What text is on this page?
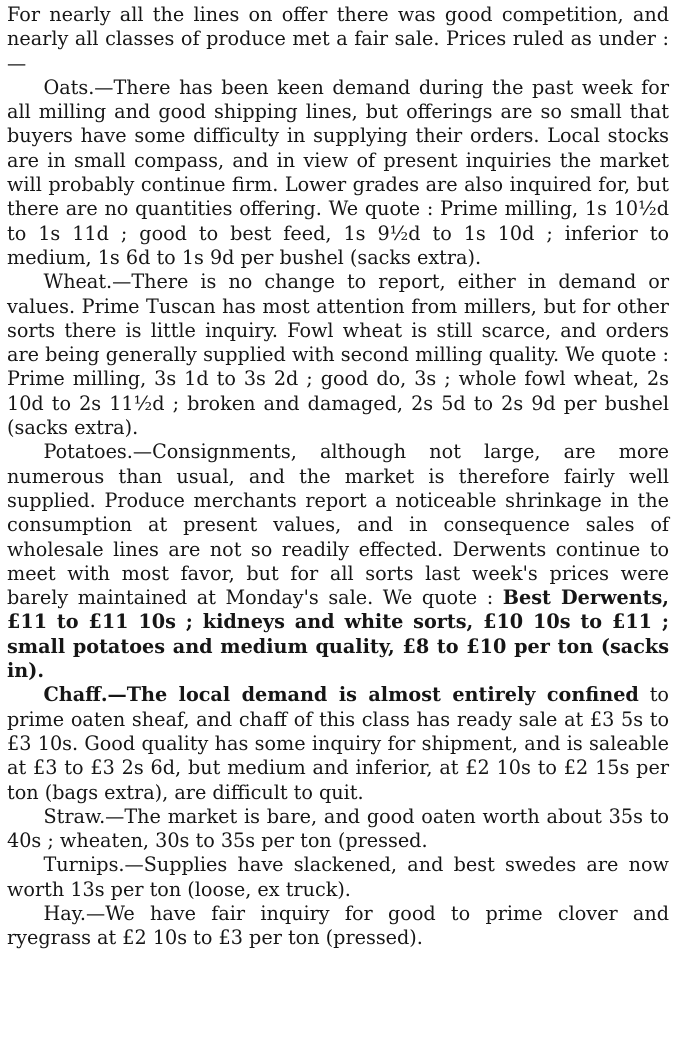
For nearly all the lines on offer there was good competition, and nearly all classes of produce met a fair sale. Prices ruled as under :—

Oats.—There has been keen demand during the past week for all milling and good shipping lines, but offerings are so small that buyers have some difficulty in supplying their orders. Local stocks are in small compass, and in view of present inquiries the market will probably continue firm. Lower grades are also inquired for, but there are no quantities offering. We quote : Prime milling, 1s 10½d to 1s 11d ; good to best feed, 1s 9½d to 1s 10d ; inferior to medium, 1s 6d to 1s 9d per bushel (sacks extra).

Wheat.—There is no change to report, either in demand or values. Prime Tuscan has most attention from millers, but for other sorts there is little inquiry. Fowl wheat is still scarce, and orders are being generally supplied with second milling quality. We quote : Prime milling, 3s 1d to 3s 2d ; good do, 3s ; whole fowl wheat, 2s 10d to 2s 11½d ; broken and damaged, 2s 5d to 2s 9d per bushel (sacks extra).

Potatoes.—Consignments, although not large, are more numerous than usual, and the market is therefore fairly well supplied. Produce merchants report a noticeable shrinkage in the consumption at present values, and in consequence sales of wholesale lines are not so readily effected. Derwents continue to meet with most favor, but for all sorts last week's prices were barely maintained at Monday's sale. We quote : Best Derwents, £11 to £11 10s ; kidneys and white sorts, £10 10s to £11 ; small potatoes and medium quality, £8 to £10 per ton (sacks in).

Chaff.—The local demand is almost entirely confined to prime oaten sheaf, and chaff of this class has ready sale at £3 5s to £3 10s. Good quality has some inquiry for shipment, and is saleable at £3 to £3 2s 6d, but medium and inferior, at £2 10s to £2 15s per ton (bags extra), are difficult to quit.

Straw.—The market is bare, and good oaten worth about 35s to 40s ; wheaten, 30s to 35s per ton (pressed.

Turnips.—Supplies have slackened, and best swedes are now worth 13s per ton (loose, ex truck).

Hay.—We have fair inquiry for good to prime clover and ryegrass at £2 10s to £3 per ton (pressed).
